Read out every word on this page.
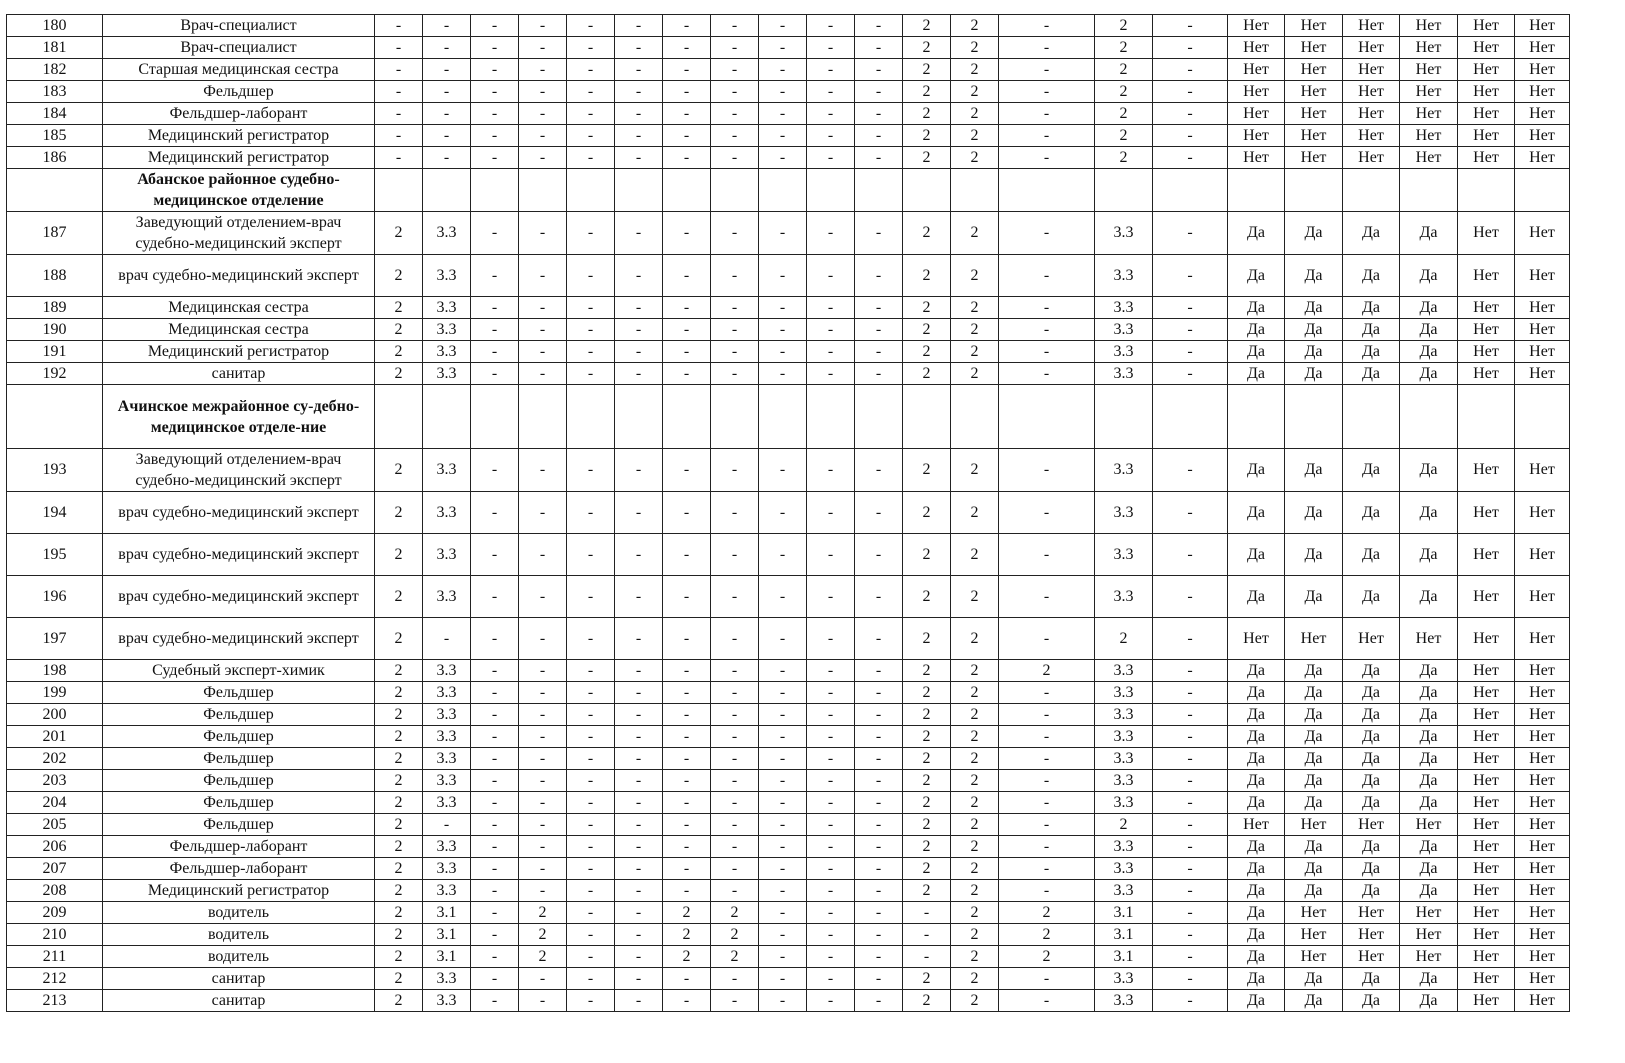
180	Врач-специалист	-	-	-	-	-	-	-	-	-	-	-	2	2	-	2	-	Нет	Нет	Нет	Нет	Нет	Нет
181	Врач-специалист	-	-	-	-	-	-	-	-	-	-	-	2	2	-	2	-	Нет	Нет	Нет	Нет	Нет	Нет
182	Старшая медицинская сестра	-	-	-	-	-	-	-	-	-	-	-	2	2	-	2	-	Нет	Нет	Нет	Нет	Нет	Нет
183	Фельдшер	-	-	-	-	-	-	-	-	-	-	-	2	2	-	2	-	Нет	Нет	Нет	Нет	Нет	Нет
184	Фельдшер-лаборант	-	-	-	-	-	-	-	-	-	-	-	2	2	-	2	-	Нет	Нет	Нет	Нет	Нет	Нет
185	Медицинский регистратор	-	-	-	-	-	-	-	-	-	-	-	2	2	-	2	-	Нет	Нет	Нет	Нет	Нет	Нет
186	Медицинский регистратор	-	-	-	-	-	-	-	-	-	-	-	2	2	-	2	-	Нет	Нет	Нет	Нет	Нет	Нет
	Абанское районное судебно-медицинское отделение																						
187	Заведующий отделением-врач судебно-медицинский эксперт	2	3.3	-	-	-	-	-	-	-	-	-	2	2	-	3.3	-	Да	Да	Да	Да	Нет	Нет
188	врач судебно-медицинский эксперт	2	3.3	-	-	-	-	-	-	-	-	-	2	2	-	3.3	-	Да	Да	Да	Да	Нет	Нет
189	Медицинская сестра	2	3.3	-	-	-	-	-	-	-	-	-	2	2	-	3.3	-	Да	Да	Да	Да	Нет	Нет
190	Медицинская сестра	2	3.3	-	-	-	-	-	-	-	-	-	2	2	-	3.3	-	Да	Да	Да	Да	Нет	Нет
191	Медицинский регистратор	2	3.3	-	-	-	-	-	-	-	-	-	2	2	-	3.3	-	Да	Да	Да	Да	Нет	Нет
192	санитар	2	3.3	-	-	-	-	-	-	-	-	-	2	2	-	3.3	-	Да	Да	Да	Да	Нет	Нет
	Ачинское межрайонное су-дебно-медицинское отделе-ние																						
193	Заведующий отделением-врач судебно-медицинский эксперт	2	3.3	-	-	-	-	-	-	-	-	-	2	2	-	3.3	-	Да	Да	Да	Да	Нет	Нет
194	врач судебно-медицинский эксперт	2	3.3	-	-	-	-	-	-	-	-	-	2	2	-	3.3	-	Да	Да	Да	Да	Нет	Нет
195	врач судебно-медицинский эксперт	2	3.3	-	-	-	-	-	-	-	-	-	2	2	-	3.3	-	Да	Да	Да	Да	Нет	Нет
196	врач судебно-медицинский эксперт	2	3.3	-	-	-	-	-	-	-	-	-	2	2	-	3.3	-	Да	Да	Да	Да	Нет	Нет
197	врач судебно-медицинский эксперт	2	-	-	-	-	-	-	-	-	-	-	2	2	-	2	-	Нет	Нет	Нет	Нет	Нет	Нет
198	Судебный эксперт-химик	2	3.3	-	-	-	-	-	-	-	-	-	2	2	2	3.3	-	Да	Да	Да	Да	Нет	Нет
199	Фельдшер	2	3.3	-	-	-	-	-	-	-	-	-	2	2	-	3.3	-	Да	Да	Да	Да	Нет	Нет
200	Фельдшер	2	3.3	-	-	-	-	-	-	-	-	-	2	2	-	3.3	-	Да	Да	Да	Да	Нет	Нет
201	Фельдшер	2	3.3	-	-	-	-	-	-	-	-	-	2	2	-	3.3	-	Да	Да	Да	Да	Нет	Нет
202	Фельдшер	2	3.3	-	-	-	-	-	-	-	-	-	2	2	-	3.3	-	Да	Да	Да	Да	Нет	Нет
203	Фельдшер	2	3.3	-	-	-	-	-	-	-	-	-	2	2	-	3.3	-	Да	Да	Да	Да	Нет	Нет
204	Фельдшер	2	3.3	-	-	-	-	-	-	-	-	-	2	2	-	3.3	-	Да	Да	Да	Да	Нет	Нет
205	Фельдшер	2	-	-	-	-	-	-	-	-	-	-	2	2	-	2	-	Нет	Нет	Нет	Нет	Нет	Нет
206	Фельдшер-лаборант	2	3.3	-	-	-	-	-	-	-	-	-	2	2	-	3.3	-	Да	Да	Да	Да	Нет	Нет
207	Фельдшер-лаборант	2	3.3	-	-	-	-	-	-	-	-	-	2	2	-	3.3	-	Да	Да	Да	Да	Нет	Нет
208	Медицинский регистратор	2	3.3	-	-	-	-	-	-	-	-	-	2	2	-	3.3	-	Да	Да	Да	Да	Нет	Нет
209	водитель	2	3.1	-	2	-	-	2	2	-	-	-	-	2	2	3.1	-	Да	Нет	Нет	Нет	Нет	Нет
210	водитель	2	3.1	-	2	-	-	2	2	-	-	-	-	2	2	3.1	-	Да	Нет	Нет	Нет	Нет	Нет
211	водитель	2	3.1	-	2	-	-	2	2	-	-	-	-	2	2	3.1	-	Да	Нет	Нет	Нет	Нет	Нет
212	санитар	2	3.3	-	-	-	-	-	-	-	-	-	2	2	-	3.3	-	Да	Да	Да	Да	Нет	Нет
213	санитар	2	3.3	-	-	-	-	-	-	-	-	-	2	2	-	3.3	-	Да	Да	Да	Да	Нет	Нет
